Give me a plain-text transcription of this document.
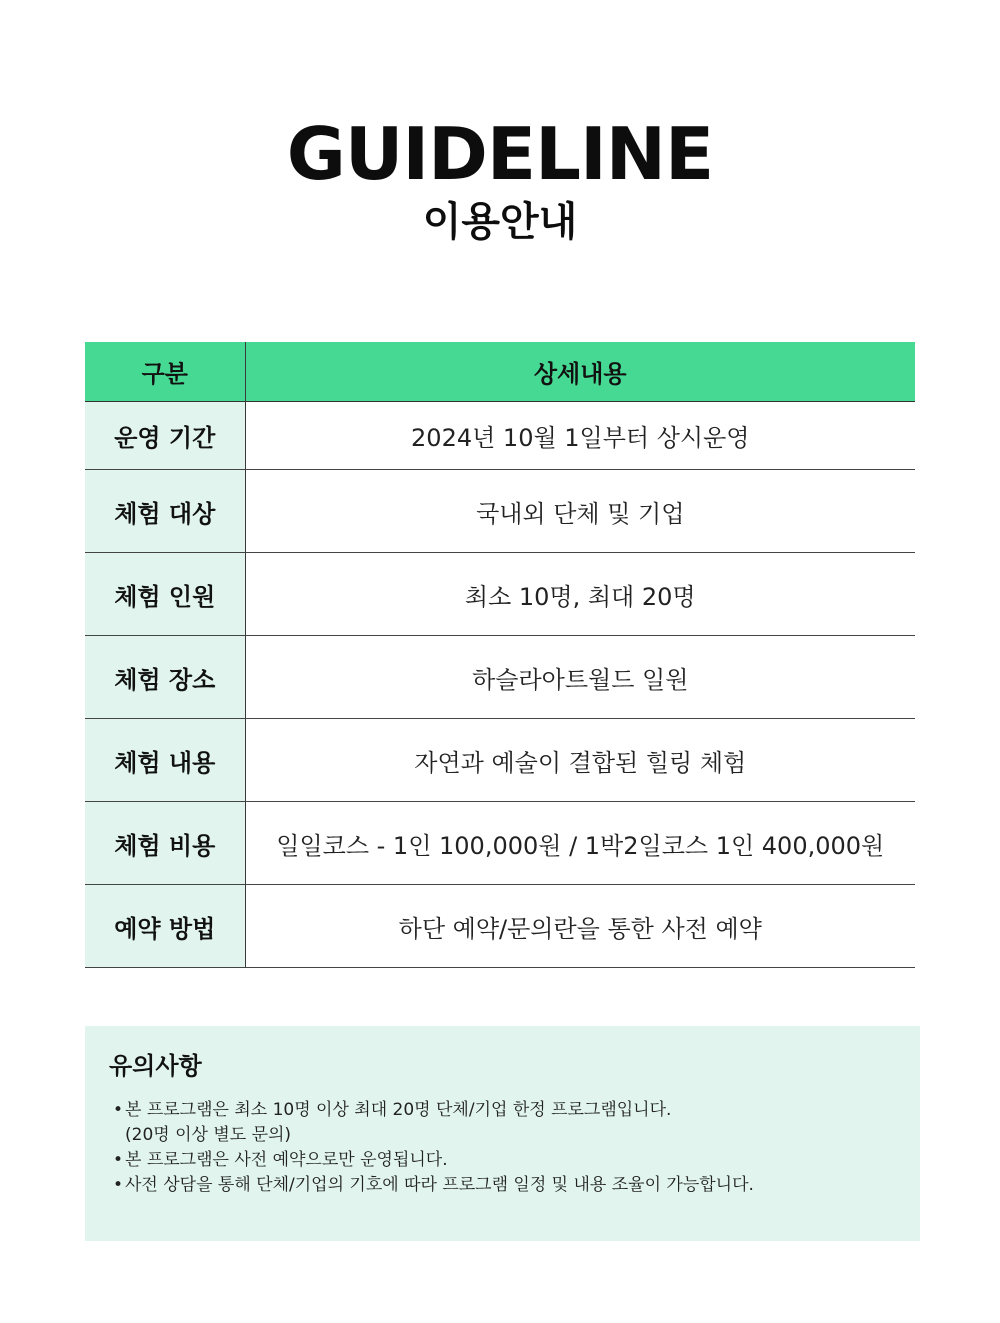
GUIDELINE
이용안내
구분	상세내용
운영 기간	2024년 10월 1일부터 상시운영
체험 대상	국내외 단체 및 기업
체험 인원	최소 10명, 최대 20명
체험 장소	하슬라아트월드 일원
체험 내용	자연과 예술이 결합된 힐링 체험
체험 비용	일일코스 - 1인 100,000원 / 1박2일코스 1인 400,000원
예약 방법	하단 예약/문의란을 통한 사전 예약
유의사항
• 본 프로그램은 최소 10명 이상 최대 20명 단체/기업 한정 프로그램입니다.
(20명 이상 별도 문의)
• 본 프로그램은 사전 예약으로만 운영됩니다.
• 사전 상담을 통해 단체/기업의 기호에 따라 프로그램 일정 및 내용 조율이 가능합니다.
